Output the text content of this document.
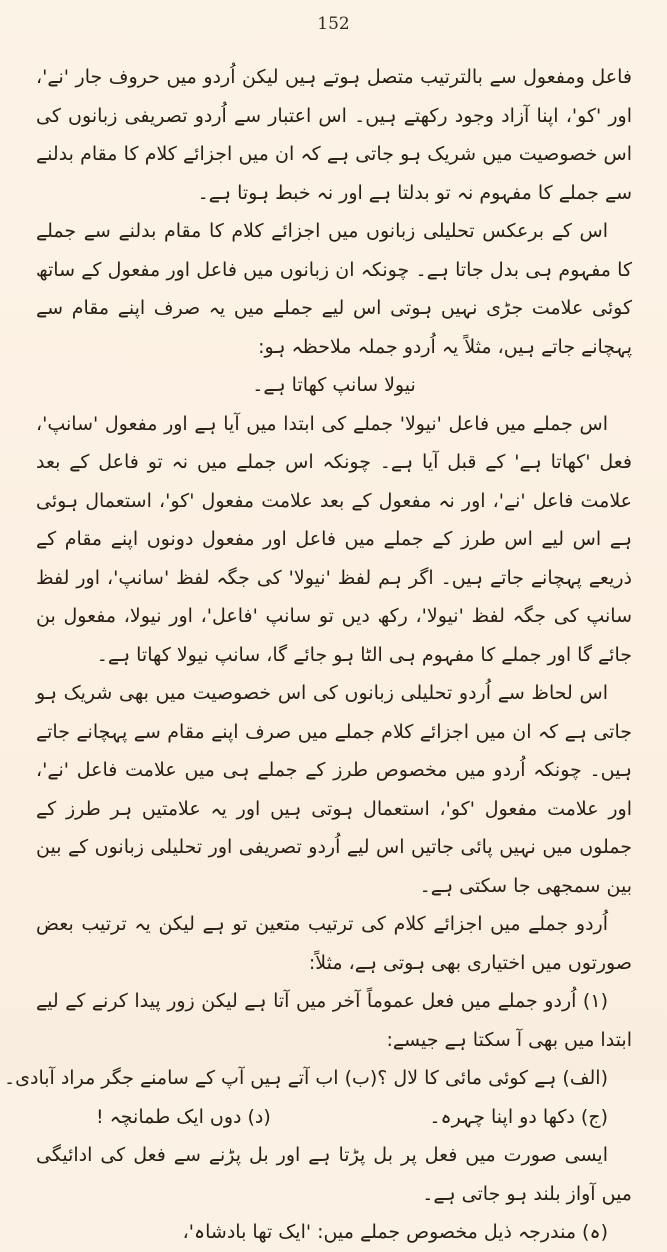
152

فاعل ومفعول سے بالترتیب متصل ہوتے ہیں لیکن اُردو میں حروف جار 'نے'، اور 'کو'، اپنا آزاد وجود رکھتے ہیں۔ اس اعتبار سے اُردو تصریفی زبانوں کی اس خصوصیت میں شریک ہو جاتی ہے کہ ان میں اجزائے کلام کا مقام بدلنے سے جملے کا مفہوم نہ تو بدلتا ہے اور نہ خبط ہوتا ہے۔

اس کے برعکس تحلیلی زبانوں میں اجزائے کلام کا مقام بدلنے سے جملے کا مفہوم ہی بدل جاتا ہے۔ چونکہ ان زبانوں میں فاعل اور مفعول کے ساتھ کوئی علامت جڑی نہیں ہوتی اس لیے جملے میں یہ صرف اپنے مقام سے پہچانے جاتے ہیں، مثلاً یہ اُردو جملہ ملاحظہ ہو:

نیولا سانپ کھاتا ہے۔

اس جملے میں فاعل 'نیولا' جملے کی ابتدا میں آیا ہے اور مفعول 'سانپ'، فعل 'کھاتا ہے' کے قبل آیا ہے۔ چونکہ اس جملے میں نہ تو فاعل کے بعد علامت فاعل 'نے'، اور نہ مفعول کے بعد علامت مفعول 'کو'، استعمال ہوئی ہے اس لیے اس طرز کے جملے میں فاعل اور مفعول دونوں اپنے مقام کے ذریعے پہچانے جاتے ہیں۔ اگر ہم لفظ 'نیولا' کی جگہ لفظ 'سانپ'، اور لفظ سانپ کی جگہ لفظ 'نیولا'، رکھ دیں تو سانپ 'فاعل'، اور نیولا، مفعول بن جائے گا اور جملے کا مفہوم ہی الٹا ہو جائے گا، سانپ نیولا کھاتا ہے۔

اس لحاظ سے اُردو تحلیلی زبانوں کی اس خصوصیت میں بھی شریک ہو جاتی ہے کہ ان میں اجزائے کلام جملے میں صرف اپنے مقام سے پہچانے جاتے ہیں۔ چونکہ اُردو میں مخصوص طرز کے جملے ہی میں علامت فاعل 'نے'، اور علامت مفعول 'کو'، استعمال ہوتی ہیں اور یہ علامتیں ہر طرز کے جملوں میں نہیں پائی جاتیں اس لیے اُردو تصریفی اور تحلیلی زبانوں کے بین بین سمجھی جا سکتی ہے۔

اُردو جملے میں اجزائے کلام کی ترتیب متعین تو ہے لیکن یہ ترتیب بعض صورتوں میں اختیاری بھی ہوتی ہے، مثلاً:

(۱) اُردو جملے میں فعل عموماً آخر میں آتا ہے لیکن زور پیدا کرنے کے لیے ابتدا میں بھی آ سکتا ہے جیسے:

(الف) ہے کوئی مائی کا لال ؟
(ب) اب آتے ہیں آپ کے سامنے جگر مراد آبادی۔
(ج) دکھا دو اپنا چہرہ۔
(د) دوں ایک طمانچہ !

ایسی صورت میں فعل پر بل پڑتا ہے اور بل پڑنے سے فعل کی ادائیگی میں آواز بلند ہو جاتی ہے۔

(ہ) مندرجہ ذیل مخصوص جملے میں: 'ایک تھا بادشاہ'،
